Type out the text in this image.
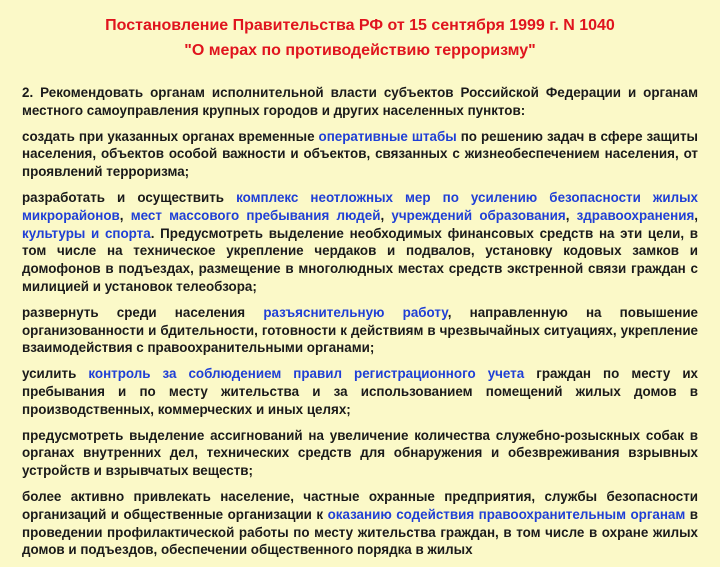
Постановление Правительства РФ от 15 сентября 1999 г. N 1040

"О мерах по противодействию терроризму"

2. Рекомендовать органам исполнительной власти субъектов Российской Федерации и органам местного самоуправления крупных городов и других населенных пунктов:

создать при указанных органах временные оперативные штабы по решению задач в сфере защиты населения, объектов особой важности и объектов, связанных с жизнеобеспечением населения, от проявлений терроризма;

разработать и осуществить комплекс неотложных мер по усилению безопасности жилых микрорайонов, мест массового пребывания людей, учреждений образования, здравоохранения, культуры и спорта. Предусмотреть выделение необходимых финансовых средств на эти цели, в том числе на техническое укрепление чердаков и подвалов, установку кодовых замков и домофонов в подъездах, размещение в многолюдных местах средств экстренной связи граждан с милицией и установок телеобзора;

развернуть среди населения разъяснительную работу, направленную на повышение организованности и бдительности, готовности к действиям в чрезвычайных ситуациях, укрепление взаимодействия с правоохранительными органами;

усилить контроль за соблюдением правил регистрационного учета граждан по месту их пребывания и по месту жительства и за использованием помещений жилых домов в производственных, коммерческих и иных целях;

предусмотреть выделение ассигнований на увеличение количества служебно-розыскных собак в органах внутренних дел, технических средств для обнаружения и обезвреживания взрывных устройств и взрывчатых веществ;

более активно привлекать население, частные охранные предприятия, службы безопасности организаций и общественные организации к оказанию содействия правоохранительным органам в проведении профилактической работы по месту жительства граждан, в том числе в охране жилых домов и подъездов, обеспечении общественного порядка в жилых
